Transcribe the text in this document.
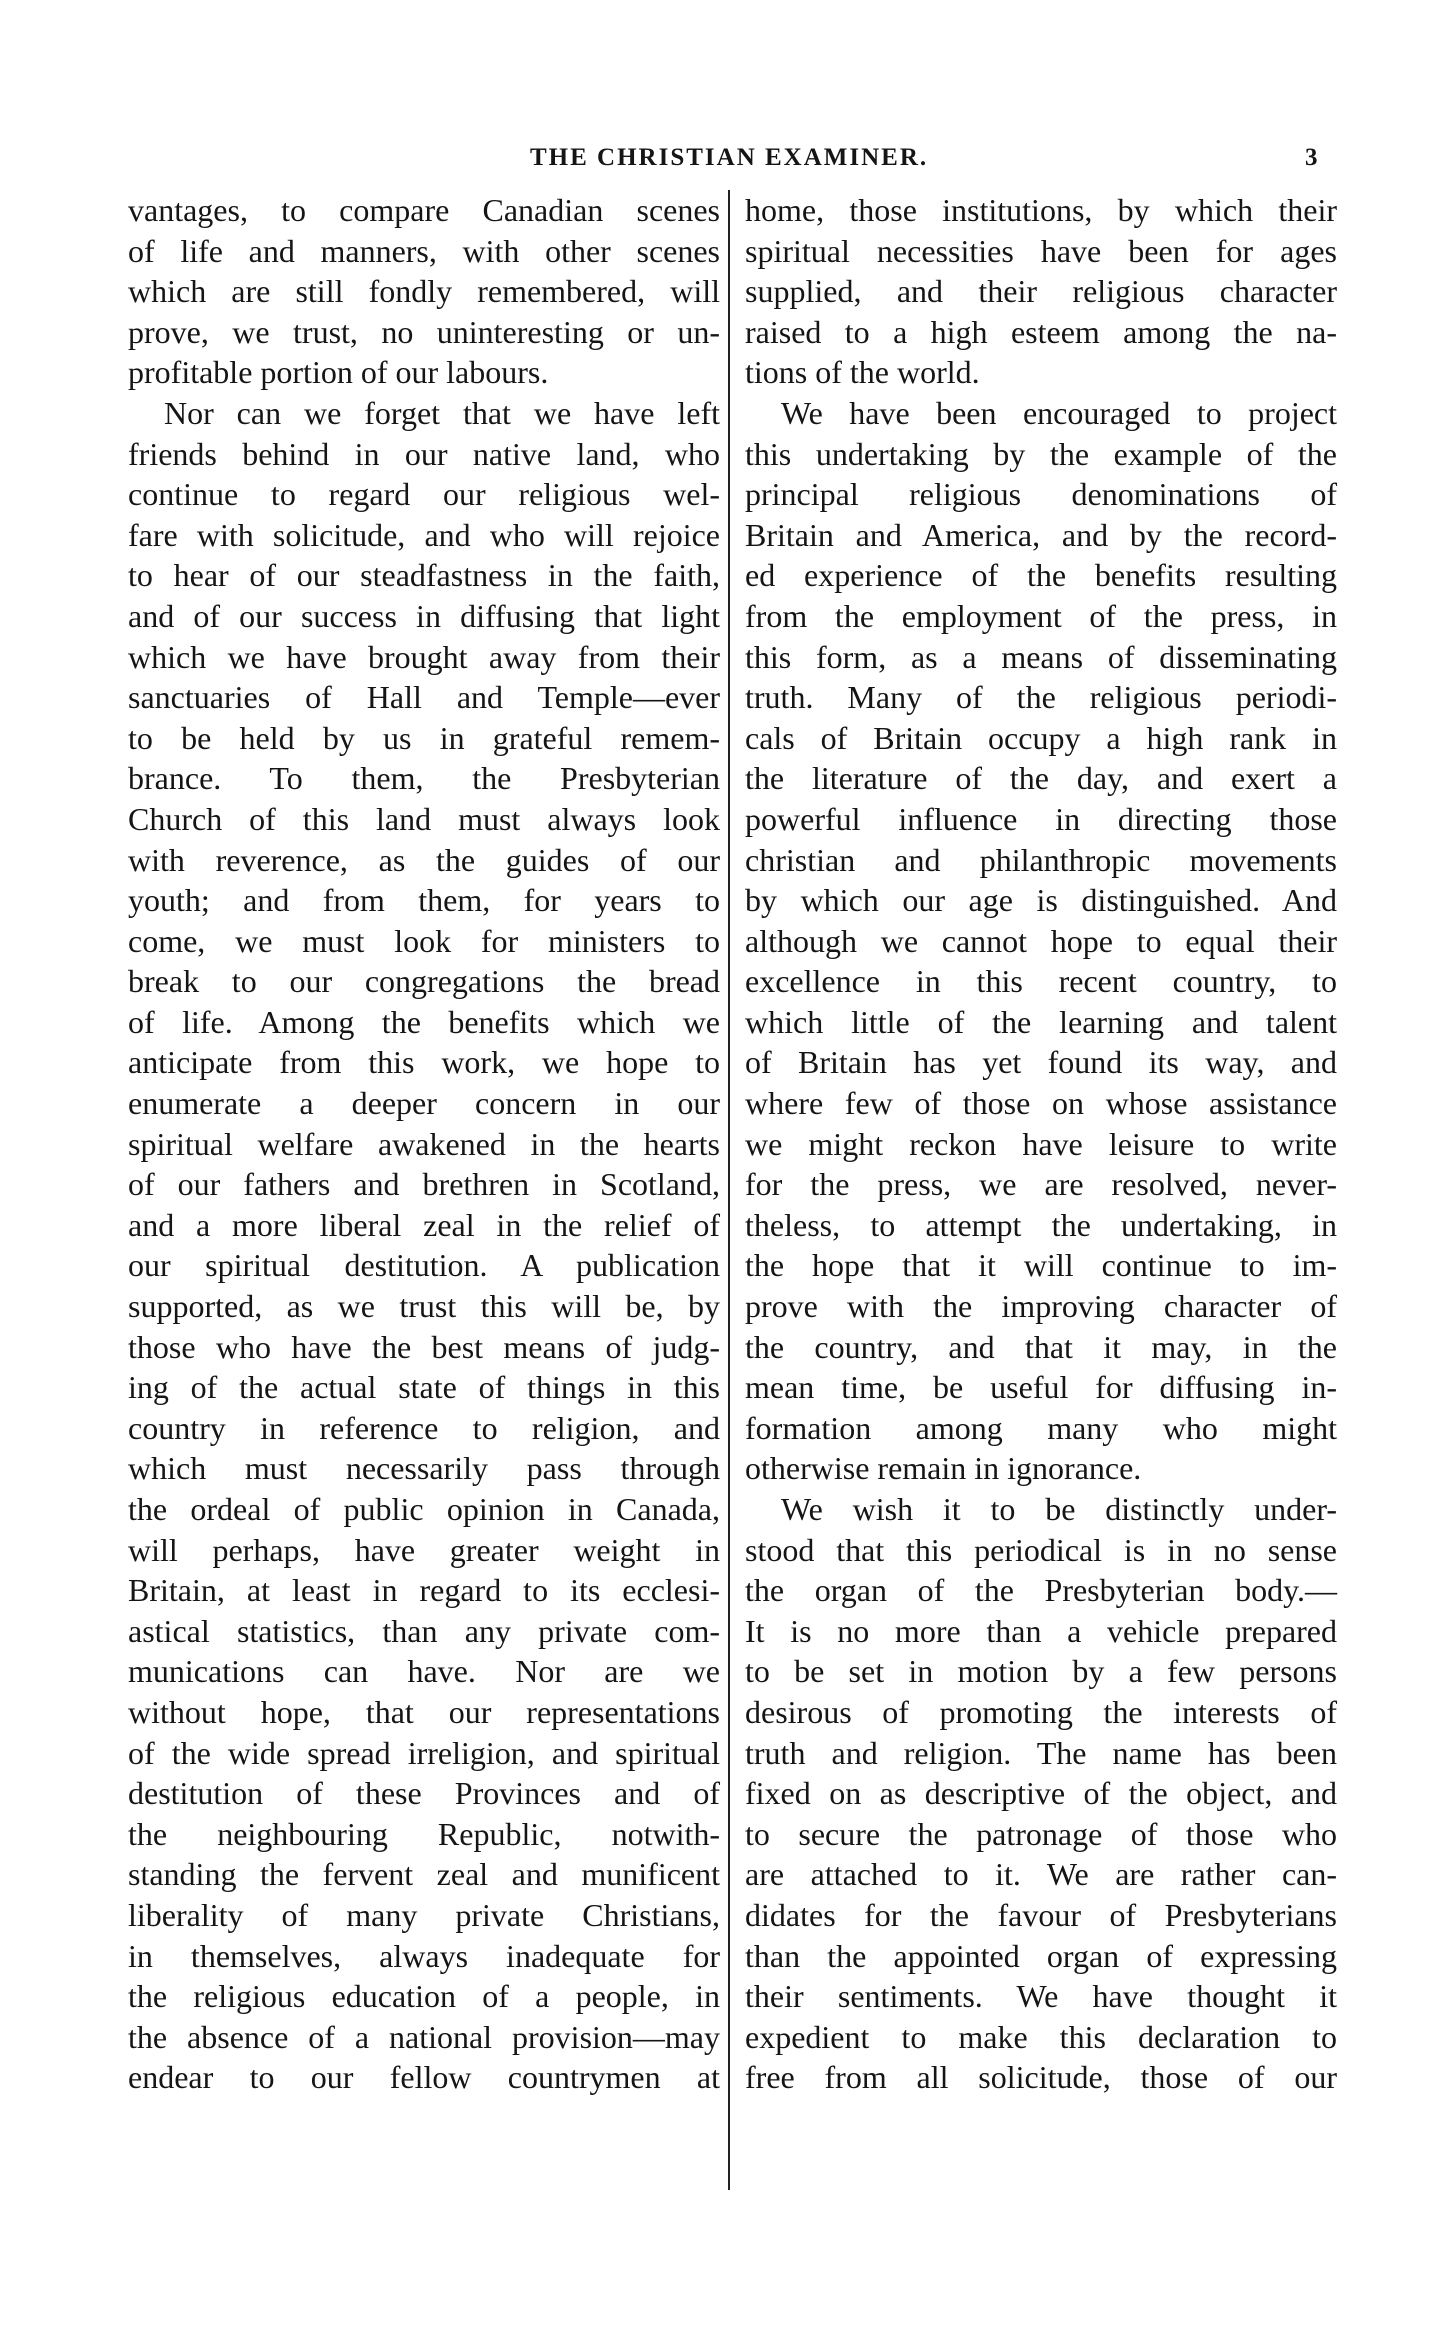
THE CHRISTIAN EXAMINER.	3
vantages, to compare Canadian scenes
of life and manners, with other scenes
which are still fondly remembered, will
prove, we trust, no uninteresting or un-
profitable portion of our labours.
Nor can we forget that we have left
friends behind in our native land, who
continue to regard our religious wel-
fare with solicitude, and who will rejoice
to hear of our steadfastness in the faith,
and of our success in diffusing that light
which we have brought away from their
sanctuaries of Hall and Temple—ever
to be held by us in grateful remem-
brance. To them, the Presbyterian
Church of this land must always look
with reverence, as the guides of our
youth; and from them, for years to
come, we must look for ministers to
break to our congregations the bread
of life. Among the benefits which we
anticipate from this work, we hope to
enumerate a deeper concern in our
spiritual welfare awakened in the hearts
of our fathers and brethren in Scotland,
and a more liberal zeal in the relief of
our spiritual destitution. A publication
supported, as we trust this will be, by
those who have the best means of judg-
ing of the actual state of things in this
country in reference to religion, and
which must necessarily pass through
the ordeal of public opinion in Canada,
will perhaps, have greater weight in
Britain, at least in regard to its ecclesi-
astical statistics, than any private com-
munications can have. Nor are we
without hope, that our representations
of the wide spread irreligion, and spiritual
destitution of these Provinces and of
the neighbouring Republic, notwith-
standing the fervent zeal and munificent
liberality of many private Christians,
in themselves, always inadequate for
the religious education of a people, in
the absence of a national provision—may
endear to our fellow countrymen at
home, those institutions, by which their
spiritual necessities have been for ages
supplied, and their religious character
raised to a high esteem among the na-
tions of the world.
We have been encouraged to project
this undertaking by the example of the
principal religious denominations of
Britain and America, and by the record-
ed experience of the benefits resulting
from the employment of the press, in
this form, as a means of disseminating
truth. Many of the religious periodi-
cals of Britain occupy a high rank in
the literature of the day, and exert a
powerful influence in directing those
christian and philanthropic movements
by which our age is distinguished. And
although we cannot hope to equal their
excellence in this recent country, to
which little of the learning and talent
of Britain has yet found its way, and
where few of those on whose assistance
we might reckon have leisure to write
for the press, we are resolved, never-
theless, to attempt the undertaking, in
the hope that it will continue to im-
prove with the improving character of
the country, and that it may, in the
mean time, be useful for diffusing in-
formation among many who might
otherwise remain in ignorance.
We wish it to be distinctly under-
stood that this periodical is in no sense
the organ of the Presbyterian body.—
It is no more than a vehicle prepared
to be set in motion by a few persons
desirous of promoting the interests of
truth and religion. The name has been
fixed on as descriptive of the object, and
to secure the patronage of those who
are attached to it. We are rather can-
didates for the favour of Presbyterians
than the appointed organ of expressing
their sentiments. We have thought it
expedient to make this declaration to
free from all solicitude, those of our
